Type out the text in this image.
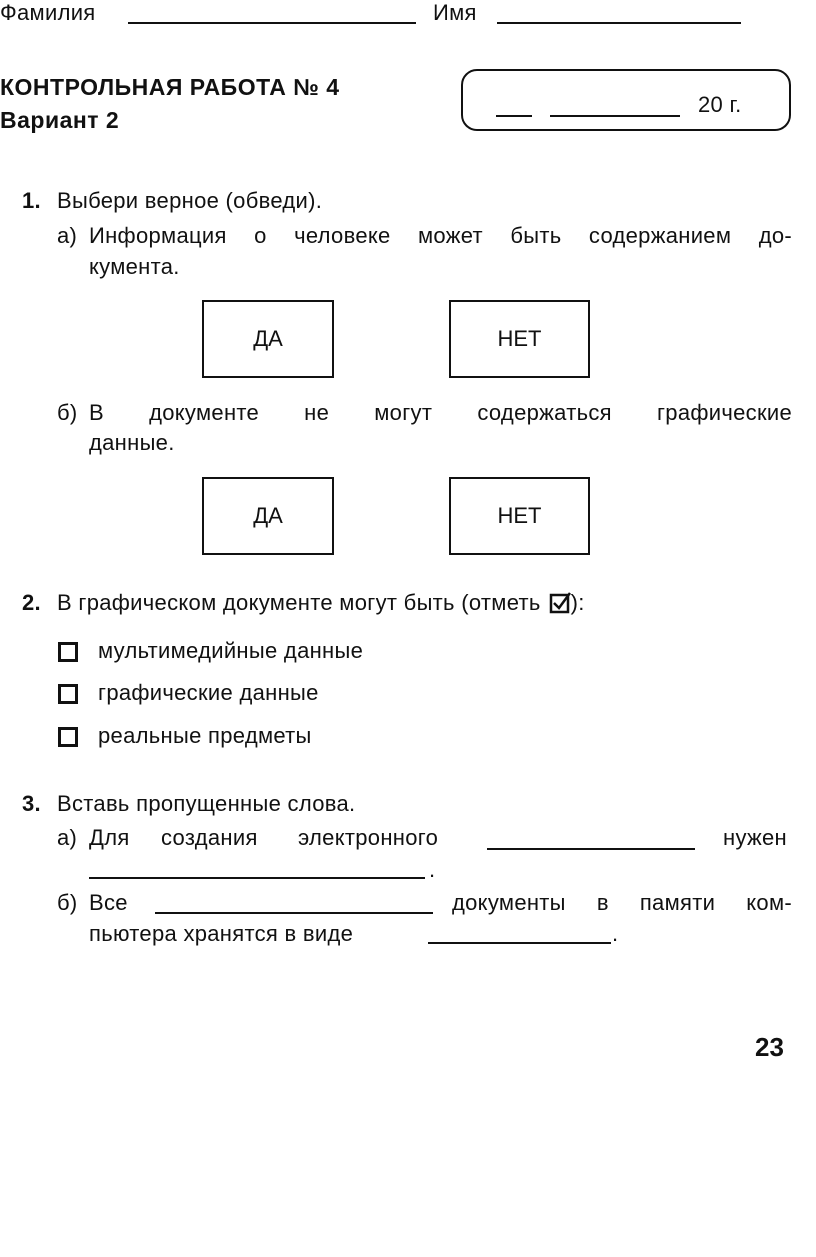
Фамилия	Имя
КОНТРОЛЬНАЯ РАБОТА № 4
Вариант 2
20 г.
1. Выбери верное (обведи).
а) Информация о человеке может быть содержанием до-
кумента.
ДА	НЕТ
б) В документе не могут содержаться графические
данные.
ДА	НЕТ
2. В графическом документе могут быть (отметь ):
мультимедийные данные
графические данные
реальные предметы
3. Вставь пропущенные слова.
а) Для создания электронного	нужен
.
б) Все	документы в памяти ком-
пьютера хранятся в виде	.
23
